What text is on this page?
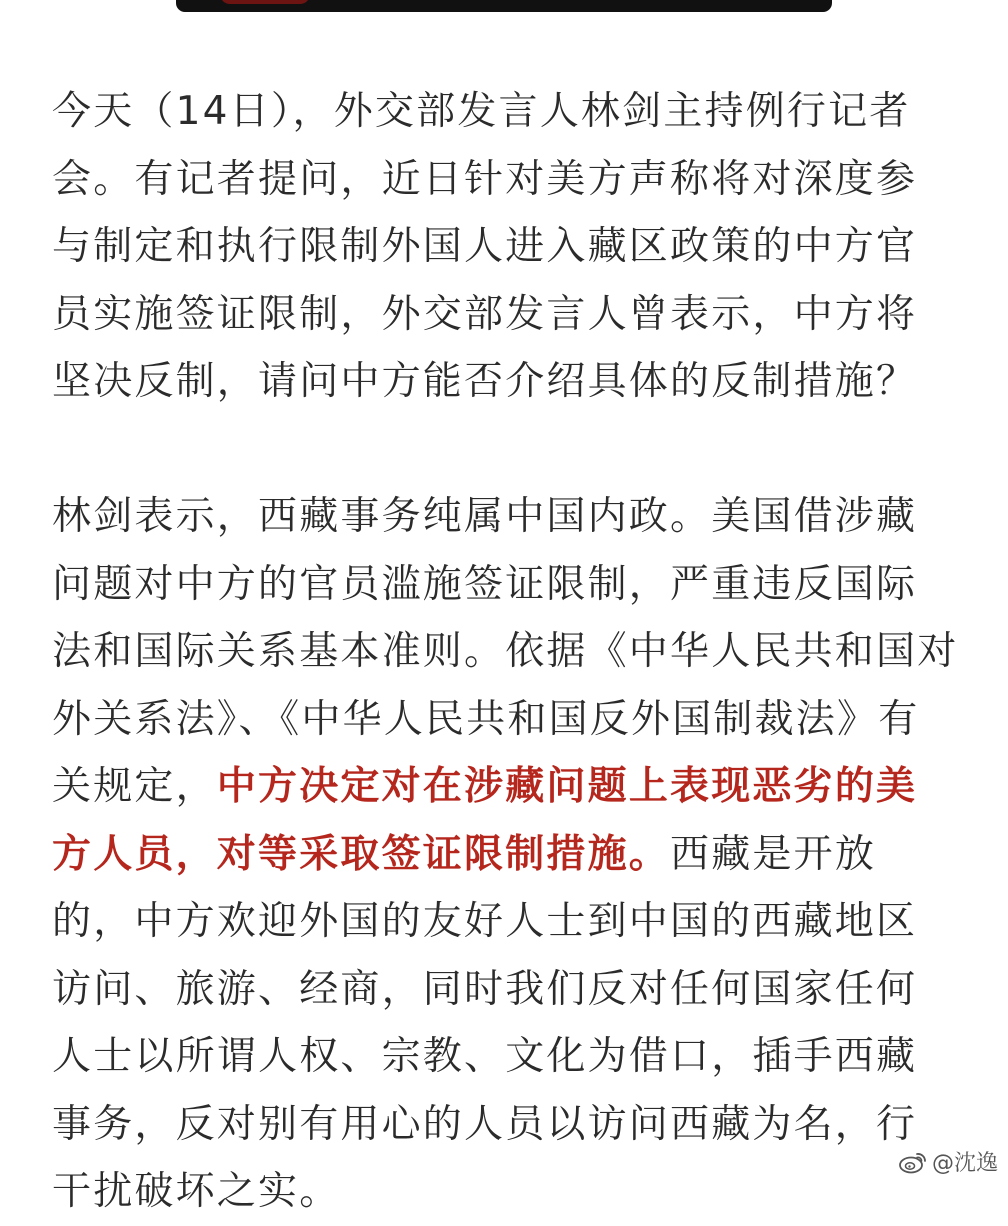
今天（14日），外交部发言人林剑主持例行记者
会。有记者提问，近日针对美方声称将对深度参
与制定和执行限制外国人进入藏区政策的中方官
员实施签证限制，外交部发言人曾表示，中方将
坚决反制，请问中方能否介绍具体的反制措施？

林剑表示，西藏事务纯属中国内政。美国借涉藏
问题对中方的官员滥施签证限制，严重违反国际
法和国际关系基本准则。依据《中华人民共和国对
外关系法》、《中华人民共和国反外国制裁法》有
关规定，中方决定对在涉藏问题上表现恶劣的美
方人员，对等采取签证限制措施。西藏是开放
的，中方欢迎外国的友好人士到中国的西藏地区
访问、旅游、经商，同时我们反对任何国家任何
人士以所谓人权、宗教、文化为借口，插手西藏
事务，反对别有用心的人员以访问西藏为名，行
干扰破坏之实。

@沈逸
